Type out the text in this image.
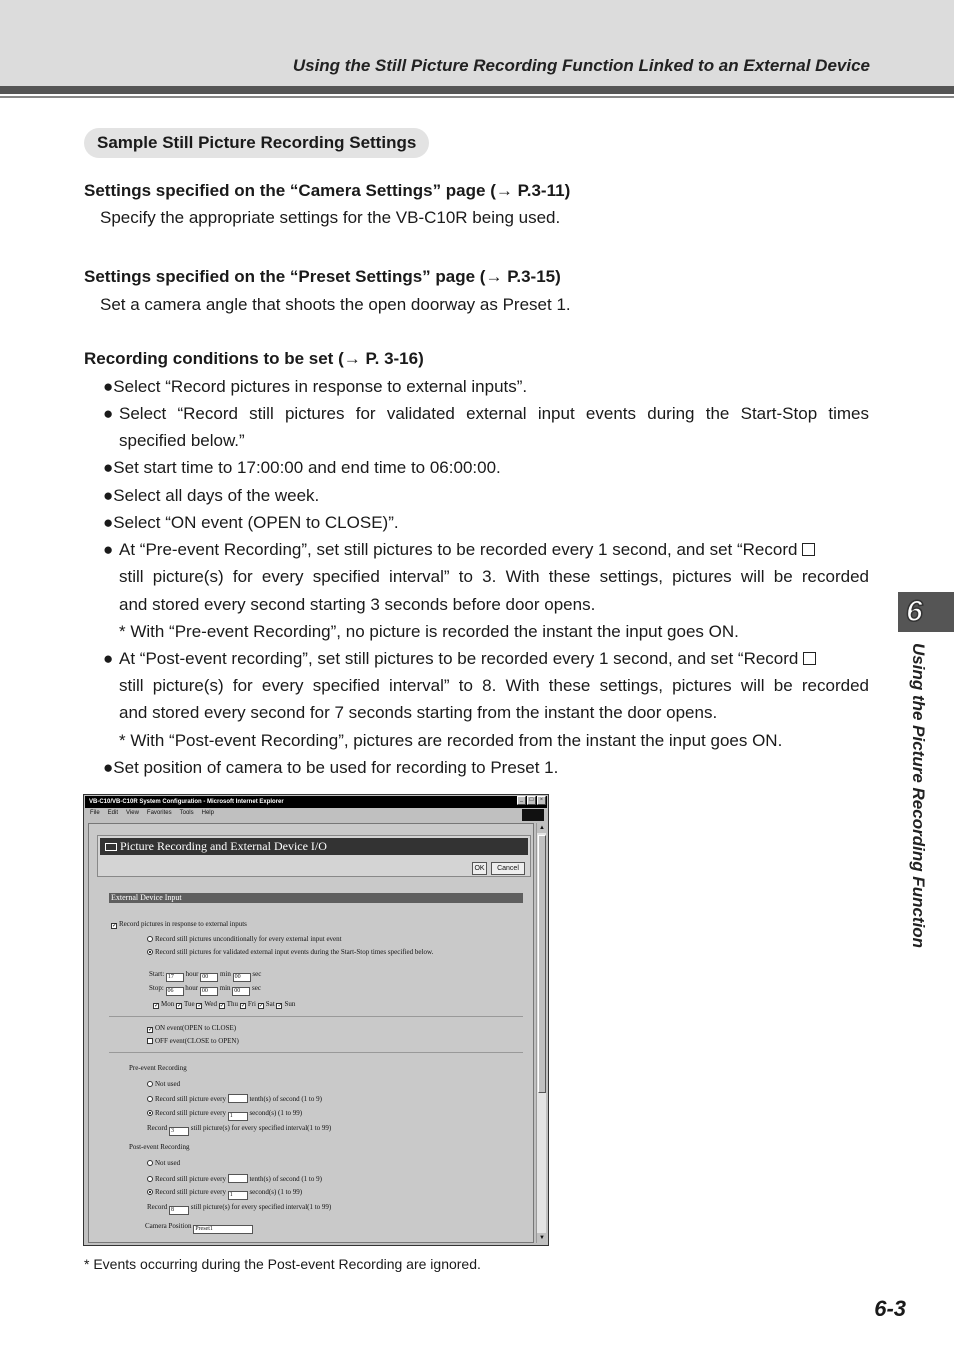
Using the Still Picture Recording Function Linked to an External Device
Sample Still Picture Recording Settings
Settings specified on the “Camera Settings” page (→ P.3-11)
Specify the appropriate settings for the VB-C10R being used.
Settings specified on the “Preset Settings” page (→ P.3-15)
Set a camera angle that shoots the open doorway as Preset 1.
Recording conditions to be set (→ P. 3-16)
●Select “Record pictures in response to external inputs”.
● Select “Record still pictures for validated external input events during the Start-Stop times
specified below.”
●Set start time to 17:00:00 and end time to 06:00:00.
●Select all days of the week.
●Select “ON event (OPEN to CLOSE)”.
● At “Pre-event Recording”, set still pictures to be recorded every 1 second, and set “Record
still picture(s) for every specified interval” to 3. With these settings, pictures will be recorded
and stored every second starting 3 seconds before door opens.
* With “Pre-event Recording”, no picture is recorded the instant the input goes ON.
● At “Post-event recording”, set still pictures to be recorded every 1 second, and set “Record
still picture(s) for every specified interval” to 8. With these settings, pictures will be recorded
and stored every second for 7 seconds starting from the instant the door opens.
* With “Post-event Recording”, pictures are recorded from the instant the input goes ON.
●Set position of camera to be used for recording to Preset 1.
6
Using the Picture Recording Function
VB-C10/VB-C10R System Configuration - Microsoft Internet Explorer	_	□	×
File Edit View Favorites Tools Help
Picture Recording and External Device I/O
OK	Cancel
External Device Input
✓ Record pictures in response to external inputs
Record still pictures unconditionally for every external input event
Record still pictures for validated external input events during the Start-Stop times specified below.
Start: 17 hour 00 min 00 sec
Stop: 06 hour 00 min 00 sec
✓ Mon ✓ Tue ✓ Wed ✓ Thu ✓ Fri ✓ Sat ✓ Sun
✓ ON event(OPEN to CLOSE)
OFF event(CLOSE to OPEN)
Pre-event Recording
Not used
Record still picture every	tenth(s) of second (1 to 9)
Record still picture every 1 second(s) (1 to 99)
Record 3 still picture(s) for every specified interval(1 to 99)
Post-event Recording
Not used
Record still picture every	tenth(s) of second (1 to 9)
Record still picture every 1 second(s) (1 to 99)
Record 8 still picture(s) for every specified interval(1 to 99)
Camera Position Preset1
▲
▼
* Events occurring during the Post-event Recording are ignored.
6-3
